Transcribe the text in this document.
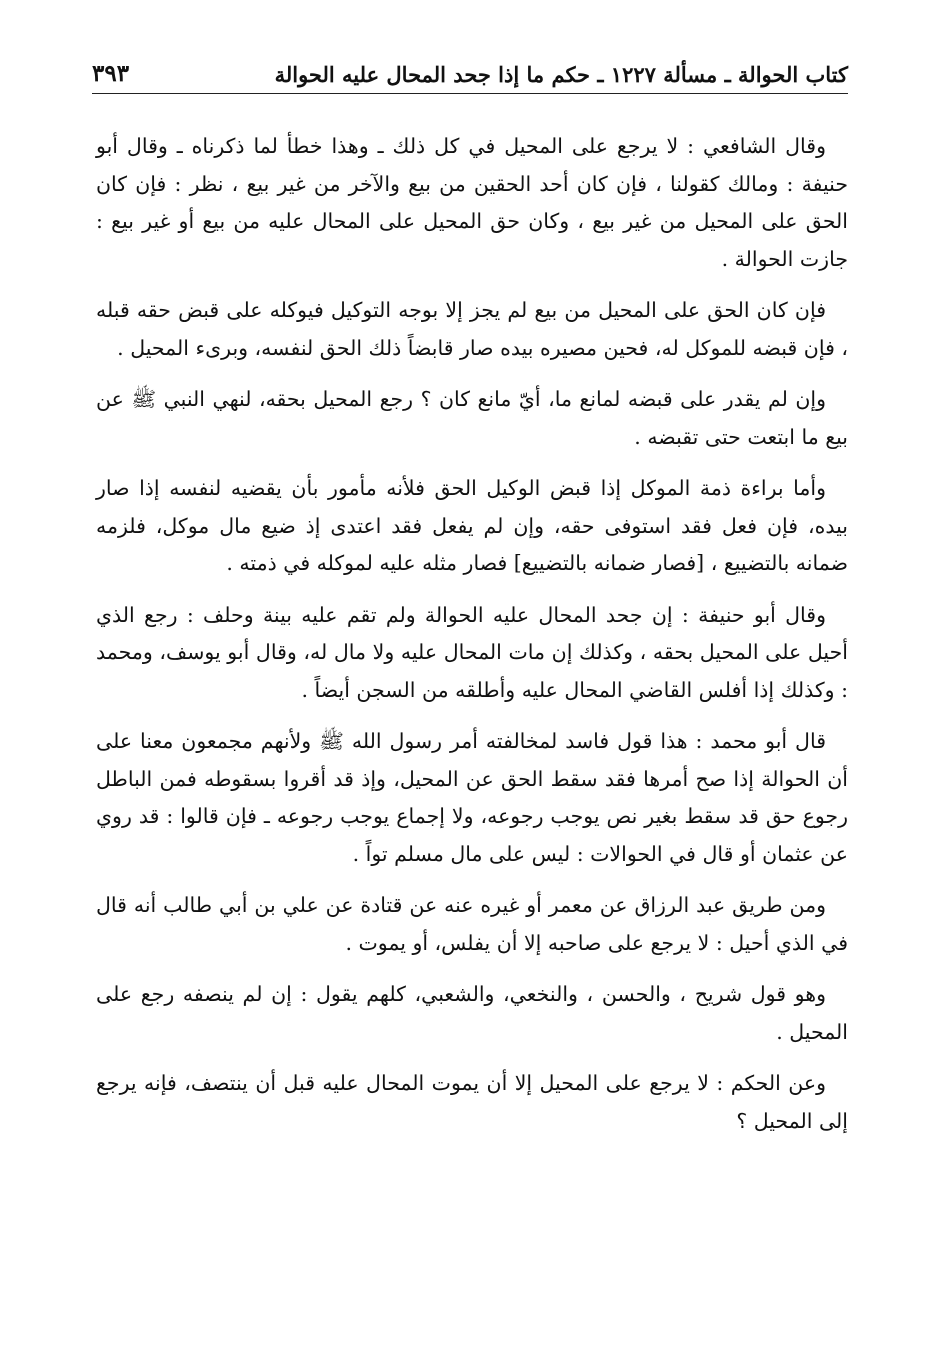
كتاب الحوالة ـ مسألة ١٢٢٧ ـ حكم ما إذا جحد المحال عليه الحوالة
٣٩٣

وقال الشافعي : لا يرجع على المحيل في كل ذلك ـ وهذا خطأ لما ذكرناه ـ وقال أبو حنيفة : ومالك كقولنا ، فإن كان أحد الحقين من بيع والآخر من غير بيع ، نظر : فإن كان الحق على المحيل من غير بيع ، وكان حق المحيل على المحال عليه من بيع أو غير بيع : جازت الحوالة .

فإن كان الحق على المحيل من بيع لم يجز إلا بوجه التوكيل فيوكله على قبض حقه قبله ، فإن قبضه للموكل له، فحين مصيره بيده صار قابضاً ذلك الحق لنفسه، وبرىء المحيل .

وإن لم يقدر على قبضه لمانع ما، أيّ مانع كان ؟ رجع المحيل بحقه، لنهي النبي ﷺ عن بيع ما ابتعت حتى تقبضه .

وأما براءة ذمة الموكل إذا قبض الوكيل الحق فلأنه مأمور بأن يقضيه لنفسه إذا صار بيده، فإن فعل فقد استوفى حقه، وإن لم يفعل فقد اعتدى إذ ضيع مال موكل، فلزمه ضمانه بالتضييع ، [فصار ضمانه بالتضييع] فصار مثله عليه لموكله في ذمته .

وقال أبو حنيفة : إن جحد المحال عليه الحوالة ولم تقم عليه بينة وحلف : رجع الذي أحيل على المحيل بحقه ، وكذلك إن مات المحال عليه ولا مال له، وقال أبو يوسف، ومحمد : وكذلك إذا أفلس القاضي المحال عليه وأطلقه من السجن أيضاً .

قال أبو محمد : هذا قول فاسد لمخالفته أمر رسول الله ﷺ ولأنهم مجمعون معنا على أن الحوالة إذا صح أمرها فقد سقط الحق عن المحيل، وإذ قد أقروا بسقوطه فمن الباطل رجوع حق قد سقط بغير نص يوجب رجوعه، ولا إجماع يوجب رجوعه ـ فإن قالوا : قد روي عن عثمان أو قال في الحوالات : ليس على مال مسلم تواً .

ومن طريق عبد الرزاق عن معمر أو غيره عنه عن قتادة عن علي بن أبي طالب أنه قال في الذي أحيل : لا يرجع على صاحبه إلا أن يفلس، أو يموت .

وهو قول شريح ، والحسن ، والنخعي، والشعبي، كلهم يقول : إن لم ينصفه رجع على المحيل .

وعن الحكم : لا يرجع على المحيل إلا أن يموت المحال عليه قبل أن ينتصف، فإنه يرجع إلى المحيل ؟
